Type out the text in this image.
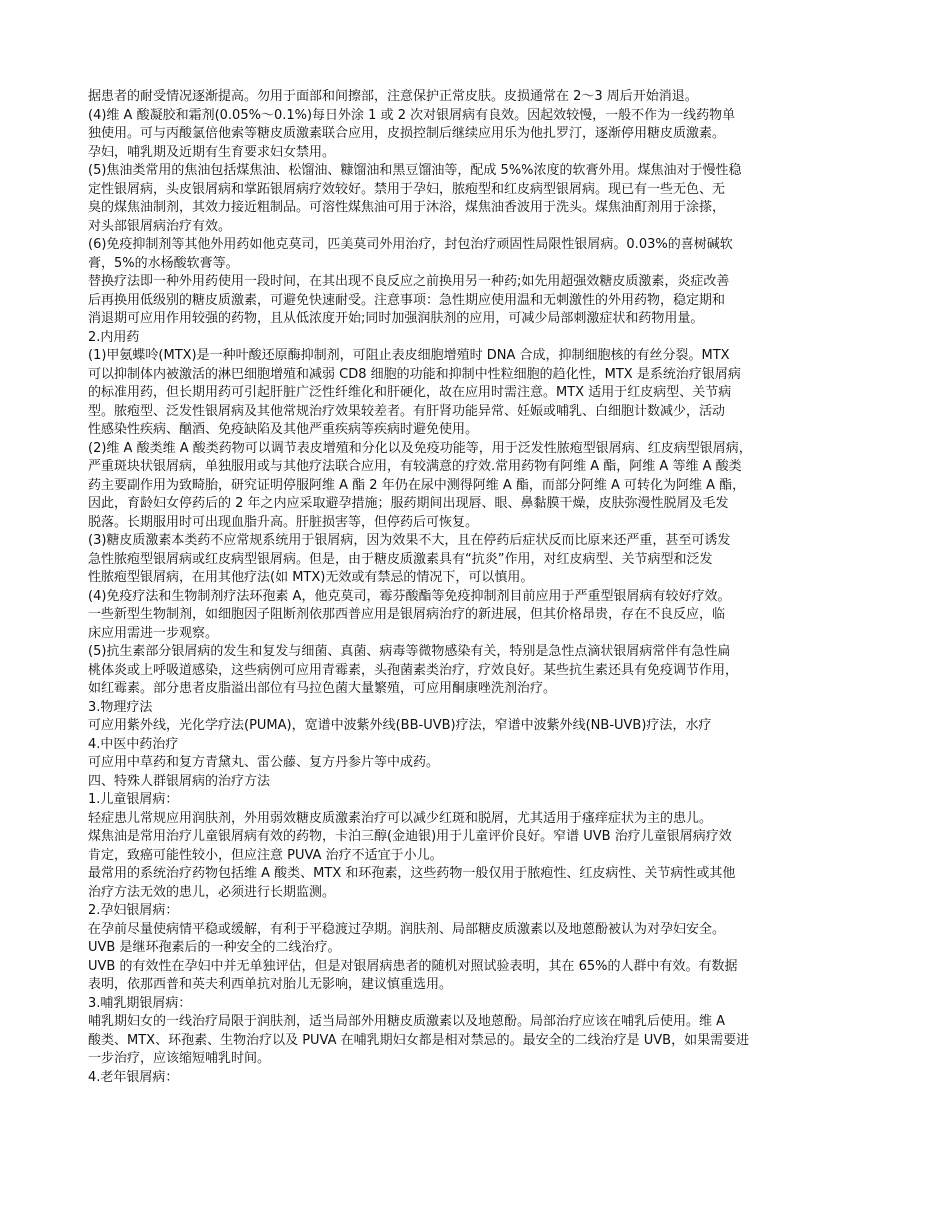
据患者的耐受情况逐渐提高。勿用于面部和间擦部，注意保护正常皮肤。皮损通常在 2～3 周后开始消退。
(4)维 A 酸凝胶和霜剂(0.05%～0.1%)每日外涂 1 或 2 次对银屑病有良效。因起效较慢，一般不作为一线药物单
独使用。可与丙酸氯倍他索等糖皮质激素联合应用，皮损控制后继续应用乐为他扎罗汀，逐渐停用糖皮质激素。
孕妇，哺乳期及近期有生育要求妇女禁用。
(5)焦油类常用的焦油包括煤焦油、松馏油、糠馏油和黑豆馏油等，配成 5%%浓度的软膏外用。煤焦油对于慢性稳
定性银屑病，头皮银屑病和掌跖银屑病疗效较好。禁用于孕妇，脓疱型和红皮病型银屑病。现已有一些无色、无
臭的煤焦油制剂，其效力接近粗制品。可溶性煤焦油可用于沐浴，煤焦油香波用于洗头。煤焦油酊剂用于涂搽，
对头部银屑病治疗有效。
(6)免疫抑制剂等其他外用药如他克莫司，匹美莫司外用治疗，封包治疗顽固性局限性银屑病。0.03%的喜树碱软
膏，5%的水杨酸软膏等。
替换疗法即一种外用药使用一段时间，在其出现不良反应之前换用另一种药;如先用超强效糖皮质激素，炎症改善
后再换用低级别的糖皮质激素，可避免快速耐受。注意事项：急性期应使用温和无刺激性的外用药物，稳定期和
消退期可应用作用较强的药物，且从低浓度开始;同时加强润肤剂的应用，可减少局部刺激症状和药物用量。
2.内用药
(1)甲氨蝶呤(MTX)是一种叶酸还原酶抑制剂，可阻止表皮细胞增殖时 DNA 合成，抑制细胞核的有丝分裂。MTX
可以抑制体内被激活的淋巴细胞增殖和减弱 CD8 细胞的功能和抑制中性粒细胞的趋化性，MTX 是系统治疗银屑病
的标准用药，但长期用药可引起肝脏广泛性纤维化和肝硬化，故在应用时需注意。MTX 适用于红皮病型、关节病
型。脓疱型、泛发性银屑病及其他常规治疗效果较差者。有肝肾功能异常、妊娠或哺乳、白细胞计数减少，活动
性感染性疾病、酗酒、免疫缺陷及其他严重疾病等疾病时避免使用。
(2)维 A 酸类维 A 酸类药物可以调节表皮增殖和分化以及免疫功能等，用于泛发性脓疱型银屑病、红皮病型银屑病，
严重斑块状银屑病，单独服用或与其他疗法联合应用，有较满意的疗效.常用药物有阿维 A 酯，阿维 A 等维 A 酸类
药主要副作用为致畸胎，研究证明停服阿维 A 酯 2 年仍在尿中测得阿维 A 酯，而部分阿维 A 可转化为阿维 A 酯，
因此，育龄妇女停药后的 2 年之内应采取避孕措施；服药期间出现唇、眼、鼻黏膜干燥，皮肤弥漫性脱屑及毛发
脱落。长期服用时可出现血脂升高。肝脏损害等，但停药后可恢复。
(3)糖皮质激素本类药不应常规系统用于银屑病，因为效果不大，且在停药后症状反而比原来还严重，甚至可诱发
急性脓疱型银屑病或红皮病型银屑病。但是，由于糖皮质激素具有“抗炎”作用，对红皮病型、关节病型和泛发
性脓疱型银屑病，在用其他疗法(如 MTX)无效或有禁忌的情况下，可以慎用。
(4)免疫疗法和生物制剂疗法环孢素 A，他克莫司，霉芬酸酯等免疫抑制剂目前应用于严重型银屑病有较好疗效。
一些新型生物制剂，如细胞因子阻断剂依那西普应用是银屑病治疗的新进展，但其价格昂贵，存在不良反应，临
床应用需进一步观察。
(5)抗生素部分银屑病的发生和复发与细菌、真菌、病毒等微物感染有关，特别是急性点滴状银屑病常伴有急性扁
桃体炎或上呼吸道感染，这些病例可应用青霉素，头孢菌素类治疗，疗效良好。某些抗生素还具有免疫调节作用，
如红霉素。部分患者皮脂溢出部位有马拉色菌大量繁殖，可应用酮康唑洗剂治疗。
3.物理疗法
可应用紫外线，光化学疗法(PUMA)，宽谱中波紫外线(BB-UVB)疗法，窄谱中波紫外线(NB-UVB)疗法，水疗
4.中医中药治疗
可应用中草药和复方青黛丸、雷公藤、复方丹参片等中成药。
四、特殊人群银屑病的治疗方法
1.儿童银屑病：
轻症患儿常规应用润肤剂，外用弱效糖皮质激素治疗可以减少红斑和脱屑，尤其适用于瘙痒症状为主的患儿。
煤焦油是常用治疗儿童银屑病有效的药物，卡泊三醇(金迪银)用于儿童评价良好。窄谱 UVB 治疗儿童银屑病疗效
肯定，致癌可能性较小，但应注意 PUVA 治疗不适宜于小儿。
最常用的系统治疗药物包括维 A 酸类、MTX 和环孢素，这些药物一般仅用于脓疱性、红皮病性、关节病性或其他
治疗方法无效的患儿，必须进行长期监测。
2.孕妇银屑病：
在孕前尽量使病情平稳或缓解，有利于平稳渡过孕期。润肤剂、局部糖皮质激素以及地蒽酚被认为对孕妇安全。
UVB 是继环孢素后的一种安全的二线治疗。
UVB 的有效性在孕妇中并无单独评估，但是对银屑病患者的随机对照试验表明，其在 65%的人群中有效。有数据
表明，依那西普和英夫利西单抗对胎儿无影响，建议慎重选用。
3.哺乳期银屑病：
哺乳期妇女的一线治疗局限于润肤剂，适当局部外用糖皮质激素以及地蒽酚。局部治疗应该在哺乳后使用。维 A
酸类、MTX、环孢素、生物治疗以及 PUVA 在哺乳期妇女都是相对禁忌的。最安全的二线治疗是 UVB，如果需要进
一步治疗，应该缩短哺乳时间。
4.老年银屑病：
